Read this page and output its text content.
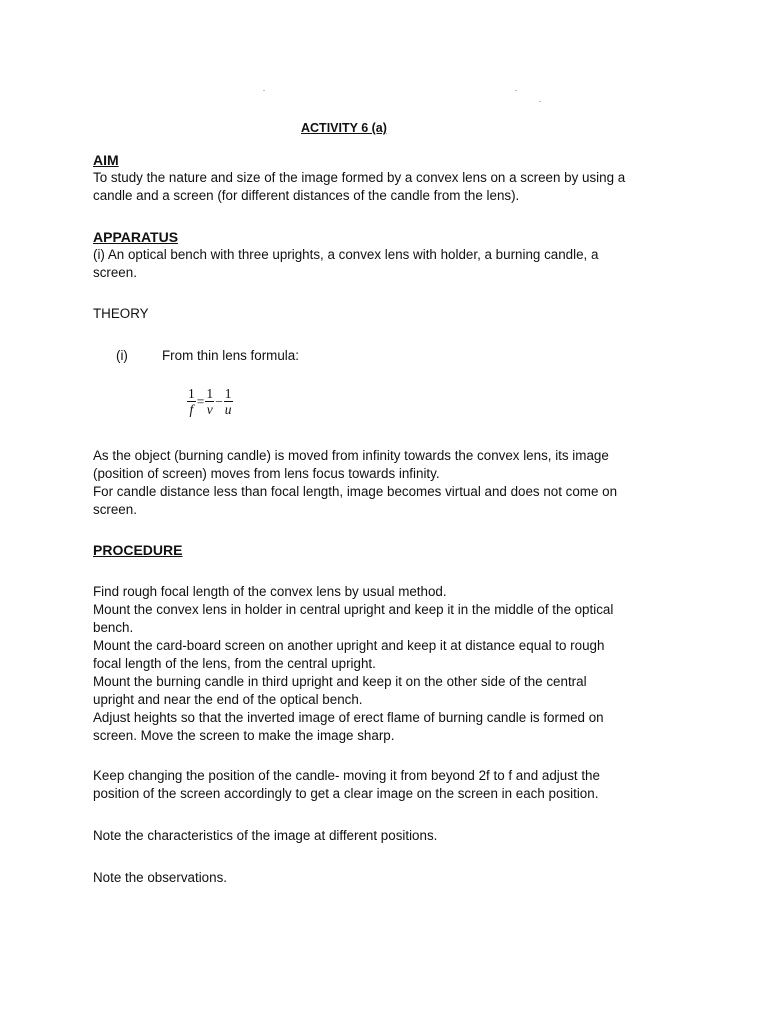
ACTIVITY 6 (a)
AIM
To study the nature and size of the image formed by a convex lens on a screen by using a
candle and a screen (for different distances of the candle from the lens).
APPARATUS
(i) An optical bench with three uprights, a convex lens with holder, a burning candle, a
screen.
THEORY
(i)	From thin lens formula:
$\frac{1}{f} = \frac{1}{v} - \frac{1}{u}$
As the object (burning candle) is moved from infinity towards the convex lens, its image
(position of screen) moves from lens focus towards infinity.
For candle distance less than focal length, image becomes virtual and does not come on
screen.
PROCEDURE
Find rough focal length of the convex lens by usual method.
Mount the convex lens in holder in central upright and keep it in the middle of the optical
bench.
Mount the card-board screen on another upright and keep it at distance equal to rough
focal length of the lens, from the central upright.
Mount the burning candle in third upright and keep it on the other side of the central
upright and near the end of the optical bench.
Adjust heights so that the inverted image of erect flame of burning candle is formed on
screen. Move the screen to make the image sharp.
Keep changing the position of the candle- moving it from beyond 2f to f and adjust the
position of the screen accordingly to get a clear image on the screen in each position.
Note the characteristics of the image at different positions.
Note the observations.
